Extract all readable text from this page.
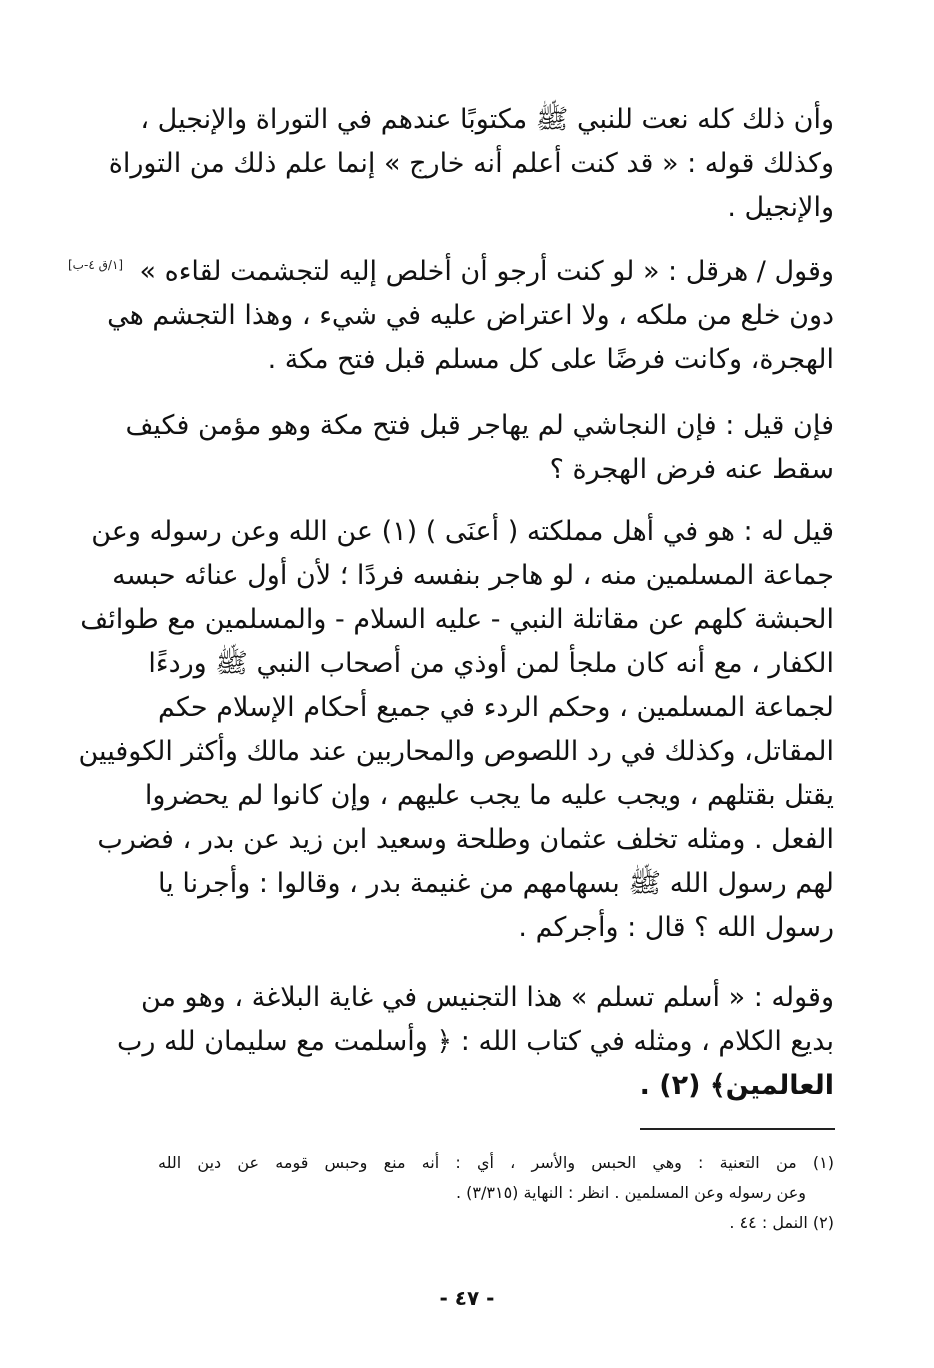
وأن ذلك كله نعت للنبي ﷺ مكتوبًا عندهم في التوراة والإنجيل ،
وكذلك قوله : « قد كنت أعلم أنه خارج » إنما علم ذلك من التوراة
والإنجيل .
وقول / هرقل : « لو كنت أرجو أن أخلص إليه لتجشمت لقاءه »
دون خلع من ملكه ، ولا اعتراض عليه في شيء ، وهذا التجشم هي
الهجرة، وكانت فرضًا على كل مسلم قبل فتح مكة .
[١/ق ٤-ب]
فإن قيل : فإن النجاشي لم يهاجر قبل فتح مكة وهو مؤمن فكيف
سقط عنه فرض الهجرة ؟
قيل له : هو في أهل مملكته ( أعنَى ) (١) عن الله وعن رسوله وعن
جماعة المسلمين منه ، لو هاجر بنفسه فردًا ؛ لأن أول عنائه حبسه
الحبشة كلهم عن مقاتلة النبي - عليه السلام - والمسلمين مع طوائف
الكفار ، مع أنه كان ملجأ لمن أوذي من أصحاب النبي ﷺ وردءًا
لجماعة المسلمين ، وحكم الردء في جميع أحكام الإسلام حكم
المقاتل، وكذلك في رد اللصوص والمحاربين عند مالك وأكثر الكوفيين
يقتل بقتلهم ، ويجب عليه ما يجب عليهم ، وإن كانوا لم يحضروا
الفعل . ومثله تخلف عثمان وطلحة وسعيد ابن زيد عن بدر ، فضرب
لهم رسول الله ﷺ بسهامهم من غنيمة بدر ، وقالوا : وأجرنا يا
رسول الله ؟ قال : وأجركم .
وقوله : « أسلم تسلم » هذا التجنيس في غاية البلاغة ، وهو من
بديع الكلام ، ومثله في كتاب الله : ﴿ وأسلمت مع سليمان لله رب
العالمين﴾ (٢) .
(١) من التعنية : وهي الحبس والأسر ، أي : أنه منع وحبس قومه عن دين الله
وعن رسوله وعن المسلمين . انظر : النهاية (٣/٣١٥) .
(٢) النمل : ٤٤ .
- ٤٧ -
